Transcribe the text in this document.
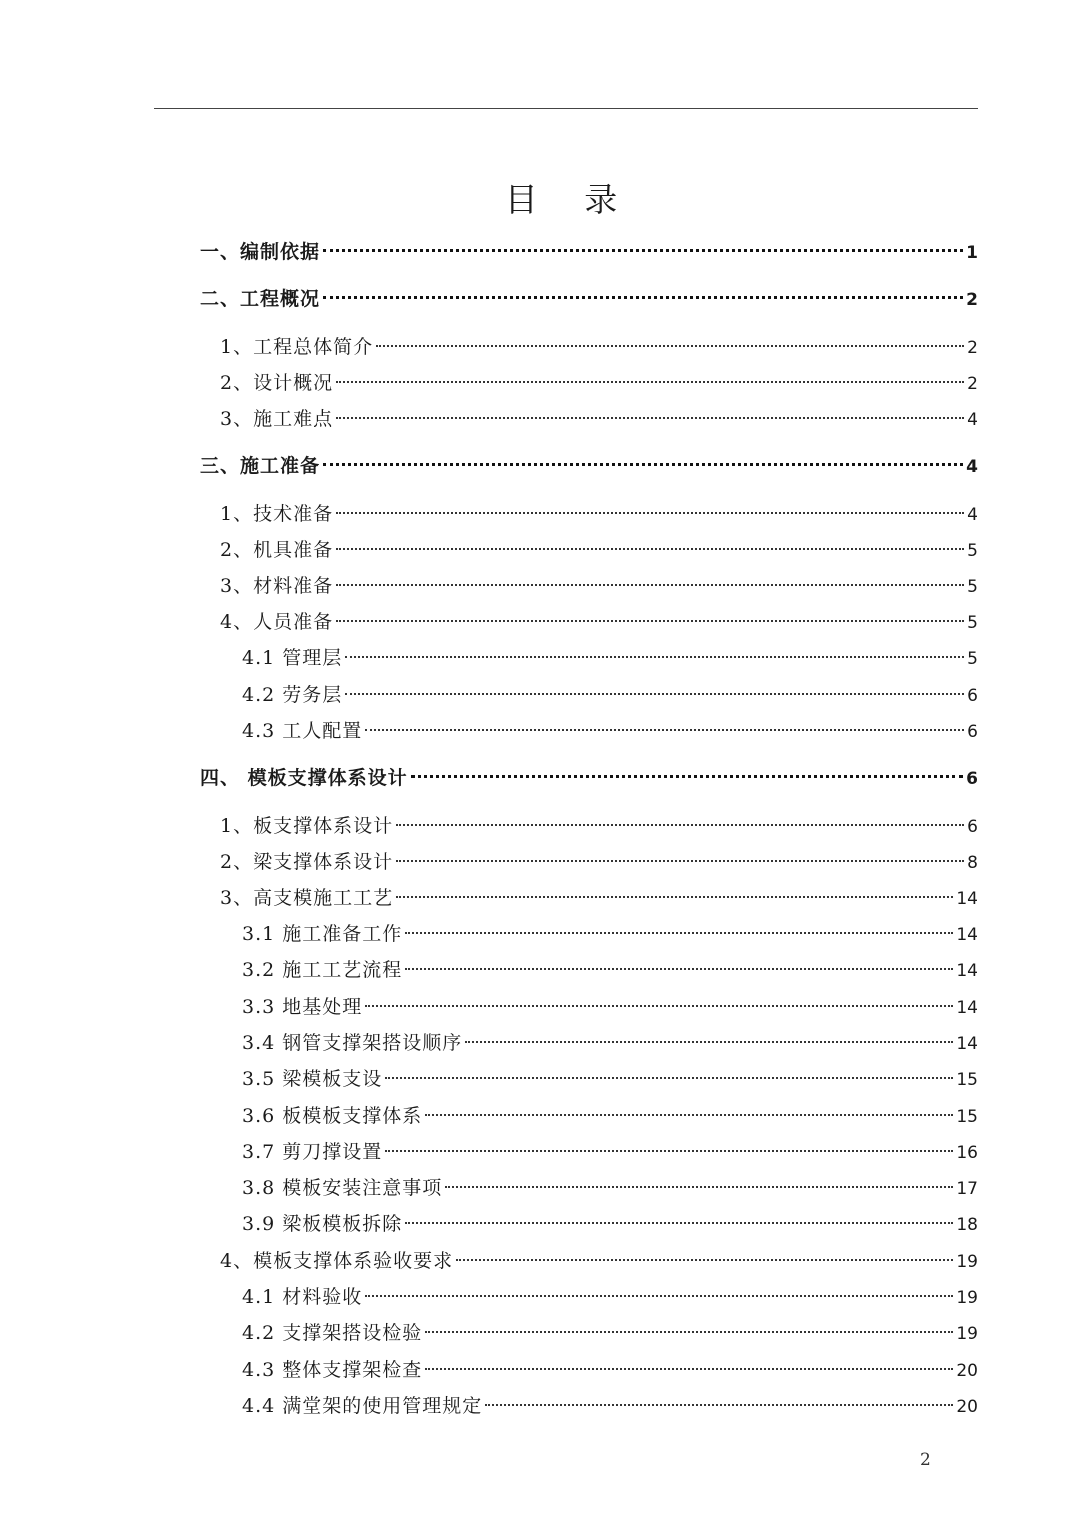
目 录
一、编制依据	1
二、工程概况	2
1、工程总体简介	2
2、设计概况	2
3、施工难点	4
三、施工准备	4
1、技术准备	4
2、机具准备	5
3、材料准备	5
4、人员准备	5
4.1 管理层	5
4.2 劳务层	6
4.3 工人配置	6
四、 模板支撑体系设计	6
1、板支撑体系设计	6
2、梁支撑体系设计	8
3、高支模施工工艺	14
3.1 施工准备工作	14
3.2 施工工艺流程	14
3.3 地基处理	14
3.4 钢管支撑架搭设顺序	14
3.5 梁模板支设	15
3.6 板模板支撑体系	15
3.7 剪刀撑设置	16
3.8 模板安装注意事项	17
3.9 梁板模板拆除	18
4、模板支撑体系验收要求	19
4.1 材料验收	19
4.2 支撑架搭设检验	19
4.3 整体支撑架检查	20
4.4 满堂架的使用管理规定	20
2
